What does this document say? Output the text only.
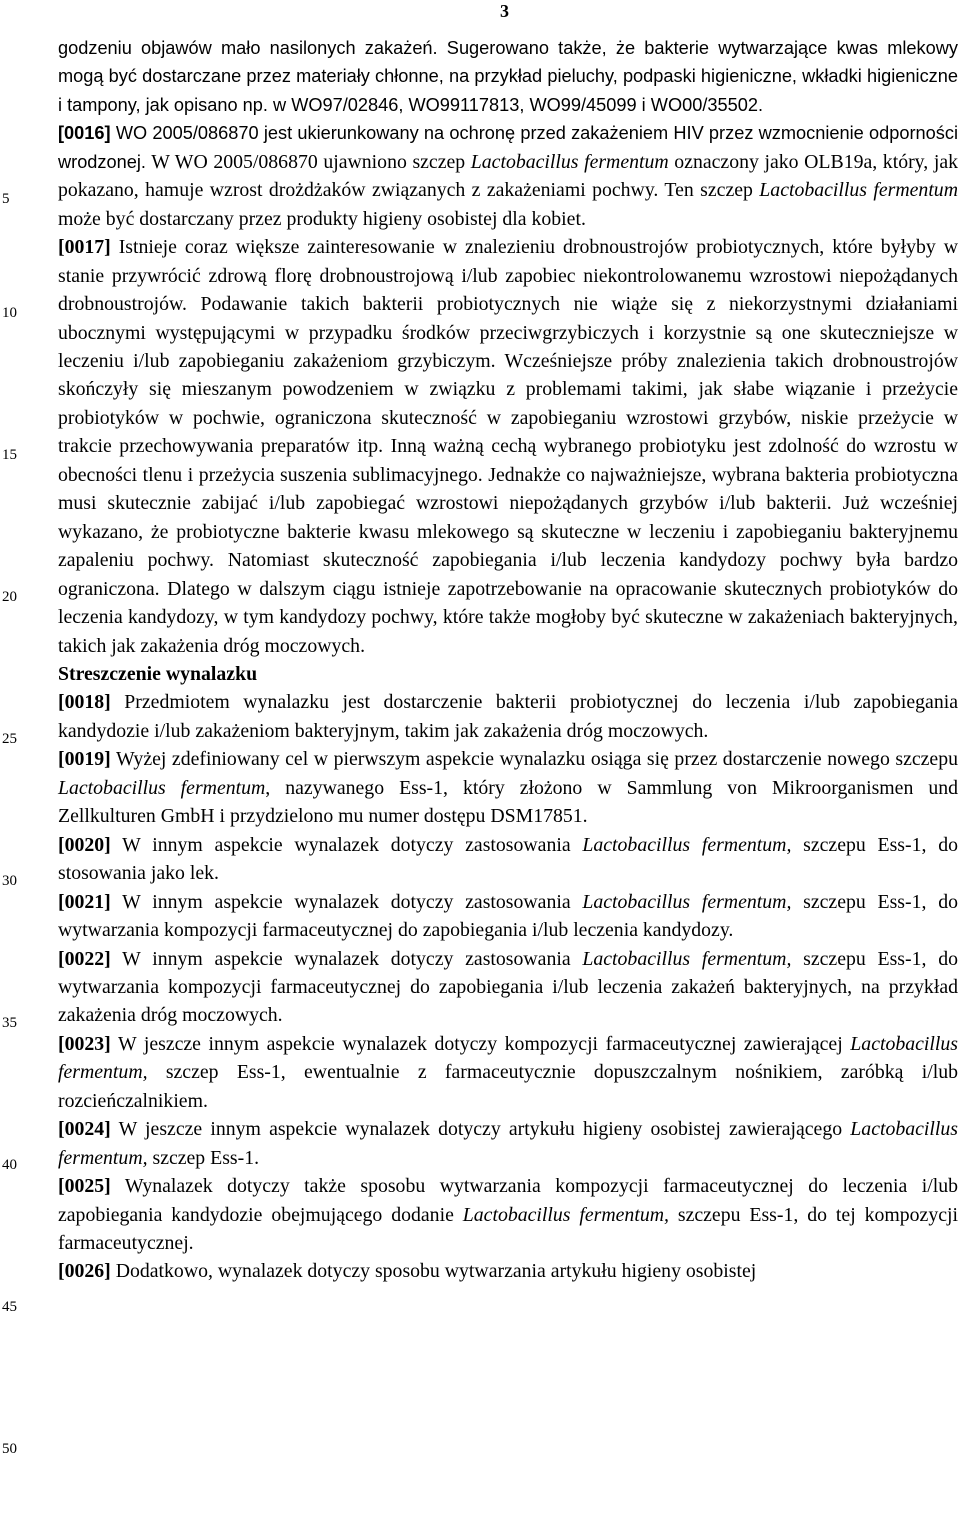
3
5
10
15
20
25
30
35
40
45
50

godzeniu objawów mało nasilonych zakażeń. Sugerowano także, że bakterie wytwarzające kwas mlekowy mogą być dostarczane przez materiały chłonne, na przykład pieluchy, podpaski higieniczne, wkładki higieniczne i tampony, jak opisano np. w WO97/02846, WO99117813, WO99/45099 i WO00/35502.

[0016] WO 2005/086870 jest ukierunkowany na ochronę przed zakażeniem HIV przez wzmocnienie odporności wrodzonej. W WO 2005/086870 ujawniono szczep Lactobacillus fermentum oznaczony jako OLB19a, który, jak pokazano, hamuje wzrost drożdżaków związanych z zakażeniami pochwy. Ten szczep Lactobacillus fermentum może być dostarczany przez produkty higieny osobistej dla kobiet.

[0017] Istnieje coraz większe zainteresowanie w znalezieniu drobnoustrojów probiotycznych, które byłyby w stanie przywrócić zdrową florę drobnoustrojową i/lub zapobiec niekontrolowanemu wzrostowi niepożądanych drobnoustrojów. Podawanie takich bakterii probiotycznych nie wiąże się z niekorzystnymi działaniami ubocznymi występującymi w przypadku środków przeciwgrzybiczych i korzystnie są one skuteczniejsze w leczeniu i/lub zapobieganiu zakażeniom grzybiczym. Wcześniejsze próby znalezienia takich drobnoustrojów skończyły się mieszanym powodzeniem w związku z problemami takimi, jak słabe wiązanie i przeżycie probiotyków w pochwie, ograniczona skuteczność w zapobieganiu wzrostowi grzybów, niskie przeżycie w trakcie przechowywania preparatów itp. Inną ważną cechą wybranego probiotyku jest zdolność do wzrostu w obecności tlenu i przeżycia suszenia sublimacyjnego. Jednakże co najważniejsze, wybrana bakteria probiotyczna musi skutecznie zabijać i/lub zapobiegać wzrostowi niepożądanych grzybów i/lub bakterii. Już wcześniej wykazano, że probiotyczne bakterie kwasu mlekowego są skuteczne w leczeniu i zapobieganiu bakteryjnemu zapaleniu pochwy. Natomiast skuteczność zapobiegania i/lub leczenia kandydozy pochwy była bardzo ograniczona. Dlatego w dalszym ciągu istnieje zapotrzebowanie na opracowanie skutecznych probiotyków do leczenia kandydozy, w tym kandydozy pochwy, które także mogłoby być skuteczne w zakażeniach bakteryjnych, takich jak zakażenia dróg moczowych.

Streszczenie wynalazku

[0018] Przedmiotem wynalazku jest dostarczenie bakterii probiotycznej do leczenia i/lub zapobiegania kandydozie i/lub zakażeniom bakteryjnym, takim jak zakażenia dróg moczowych.

[0019] Wyżej zdefiniowany cel w pierwszym aspekcie wynalazku osiąga się przez dostarczenie nowego szczepu Lactobacillus fermentum, nazywanego Ess-1, który złożono w Sammlung von Mikroorganismen und Zellkulturen GmbH i przydzielono mu numer dostępu DSM17851.

[0020] W innym aspekcie wynalazek dotyczy zastosowania Lactobacillus fermentum, szczepu Ess-1, do stosowania jako lek.

[0021] W innym aspekcie wynalazek dotyczy zastosowania Lactobacillus fermentum, szczepu Ess-1, do wytwarzania kompozycji farmaceutycznej do zapobiegania i/lub leczenia kandydozy.

[0022] W innym aspekcie wynalazek dotyczy zastosowania Lactobacillus fermentum, szczepu Ess-1, do wytwarzania kompozycji farmaceutycznej do zapobiegania i/lub leczenia zakażeń bakteryjnych, na przykład zakażenia dróg moczowych.

[0023] W jeszcze innym aspekcie wynalazek dotyczy kompozycji farmaceutycznej zawierającej Lactobacillus fermentum, szczep Ess-1, ewentualnie z farmaceutycznie dopuszczalnym nośnikiem, zaróbką i/lub rozcieńczalnikiem.

[0024] W jeszcze innym aspekcie wynalazek dotyczy artykułu higieny osobistej zawierającego Lactobacillus fermentum, szczep Ess-1.

[0025] Wynalazek dotyczy także sposobu wytwarzania kompozycji farmaceutycznej do leczenia i/lub zapobiegania kandydozie obejmującego dodanie Lactobacillus fermentum, szczepu Ess-1, do tej kompozycji farmaceutycznej.

[0026] Dodatkowo, wynalazek dotyczy sposobu wytwarzania artykułu higieny osobistej
